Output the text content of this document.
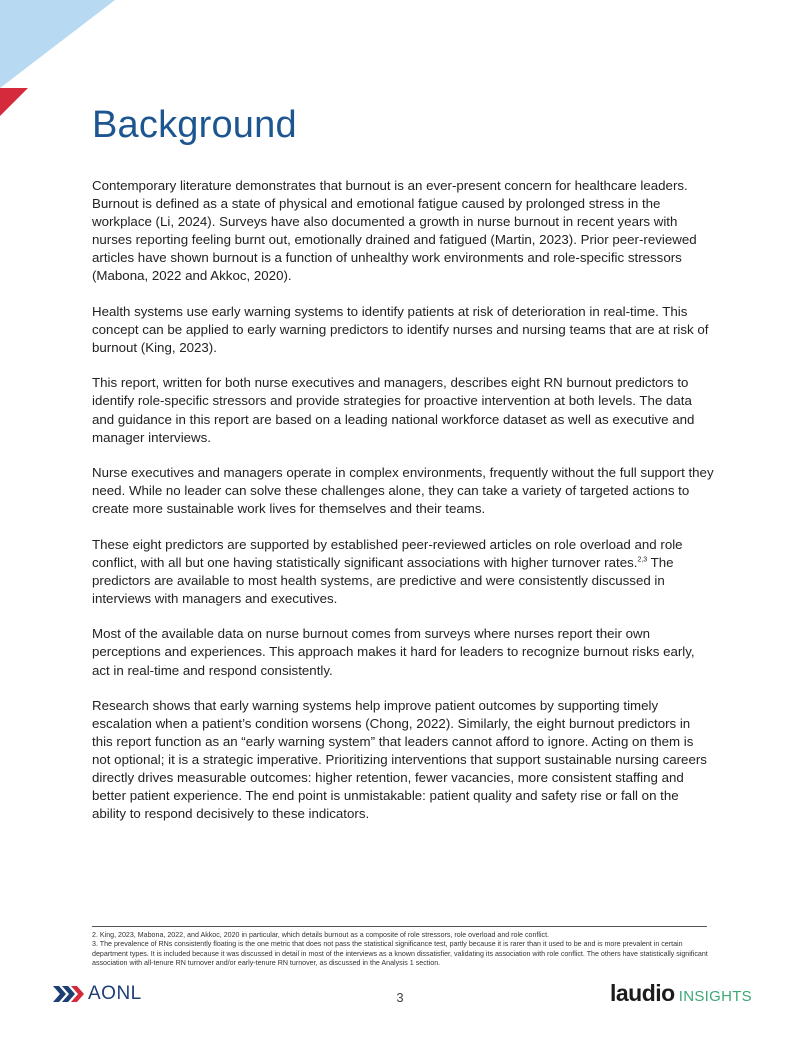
Background

Contemporary literature demonstrates that burnout is an ever-present concern for healthcare leaders. Burnout is defined as a state of physical and emotional fatigue caused by prolonged stress in the workplace (Li, 2024). Surveys have also documented a growth in nurse burnout in recent years with nurses reporting feeling burnt out, emotionally drained and fatigued (Martin, 2023). Prior peer-reviewed articles have shown burnout is a function of unhealthy work environments and role-specific stressors (Mabona, 2022 and Akkoc, 2020).

Health systems use early warning systems to identify patients at risk of deterioration in real-time. This concept can be applied to early warning predictors to identify nurses and nursing teams that are at risk of burnout (King, 2023).

This report, written for both nurse executives and managers, describes eight RN burnout predictors to identify role-specific stressors and provide strategies for proactive intervention at both levels. The data and guidance in this report are based on a leading national workforce dataset as well as executive and manager interviews.

Nurse executives and managers operate in complex environments, frequently without the full support they need. While no leader can solve these challenges alone, they can take a variety of targeted actions to create more sustainable work lives for themselves and their teams.

These eight predictors are supported by established peer-reviewed articles on role overload and role conflict, with all but one having statistically significant associations with higher turnover rates.$^{2,3}$ The predictors are available to most health systems, are predictive and were consistently discussed in interviews with managers and executives.

Most of the available data on nurse burnout comes from surveys where nurses report their own perceptions and experiences. This approach makes it hard for leaders to recognize burnout risks early, act in real-time and respond consistently.

Research shows that early warning systems help improve patient outcomes by supporting timely escalation when a patient’s condition worsens (Chong, 2022). Similarly, the eight burnout predictors in this report function as an “early warning system” that leaders cannot afford to ignore. Acting on them is not optional; it is a strategic imperative. Prioritizing interventions that support sustainable nursing careers directly drives measurable outcomes: higher retention, fewer vacancies, more consistent staffing and better patient experience. The end point is unmistakable: patient quality and safety rise or fall on the ability to respond decisively to these indicators.

2. King, 2023, Mabona, 2022, and Akkoc, 2020 in particular, which details burnout as a composite of role stressors, role overload and role conflict.

3. The prevalence of RNs consistently floating is the one metric that does not pass the statistical significance test, partly because it is rarer than it used to be and is more prevalent in certain department types. It is included because it was discussed in detail in most of the interviews as a known dissatisfier, validating its association with role conflict. The others have statistically significant association with all-tenure RN turnover and/or early-tenure RN turnover, as discussed in the Analysis 1 section.

AONL	3	laudio INSIGHTS
